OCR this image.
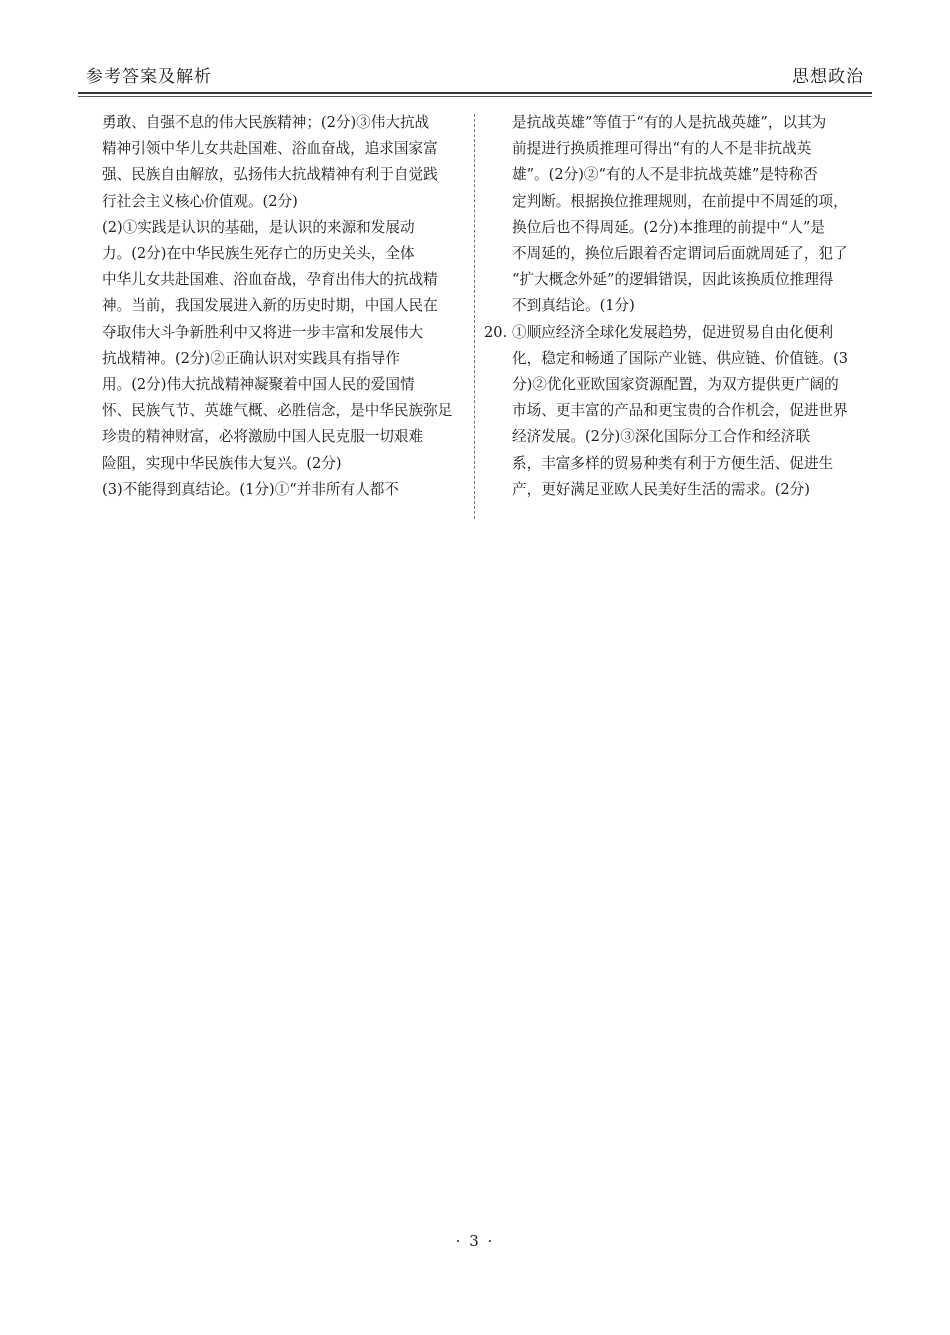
参考答案及解析	思想政治
勇敢、自强不息的伟大民族精神；(2分)③伟大抗战
精神引领中华儿女共赴国难、浴血奋战，追求国家富
强、民族自由解放，弘扬伟大抗战精神有利于自觉践
行社会主义核心价值观。(2分)
(2)①实践是认识的基础，是认识的来源和发展动
力。(2分)在中华民族生死存亡的历史关头，全体
中华儿女共赴国难、浴血奋战，孕育出伟大的抗战精
神。当前，我国发展进入新的历史时期，中国人民在
夺取伟大斗争新胜利中又将进一步丰富和发展伟大
抗战精神。(2分)②正确认识对实践具有指导作
用。(2分)伟大抗战精神凝聚着中国人民的爱国情
怀、民族气节、英雄气概、必胜信念，是中华民族弥足
珍贵的精神财富，必将激励中国人民克服一切艰难
险阻，实现中华民族伟大复兴。(2分)
(3)不能得到真结论。(1分)①“并非所有人都不
是抗战英雄”等值于“有的人是抗战英雄”，以其为
前提进行换质推理可得出“有的人不是非抗战英
雄”。(2分)②“有的人不是非抗战英雄”是特称否
定判断。根据换位推理规则，在前提中不周延的项，
换位后也不得周延。(2分)本推理的前提中“人”是
不周延的，换位后跟着否定谓词后面就周延了，犯了
“扩大概念外延”的逻辑错误，因此该换质位推理得
不到真结论。(1分)
20. ①顺应经济全球化发展趋势，促进贸易自由化便利
化，稳定和畅通了国际产业链、供应链、价值链。(3
分)②优化亚欧国家资源配置，为双方提供更广阔的
市场、更丰富的产品和更宝贵的合作机会，促进世界
经济发展。(2分)③深化国际分工合作和经济联
系，丰富多样的贸易种类有利于方便生活、促进生
产，更好满足亚欧人民美好生活的需求。(2分)
· 3 ·
